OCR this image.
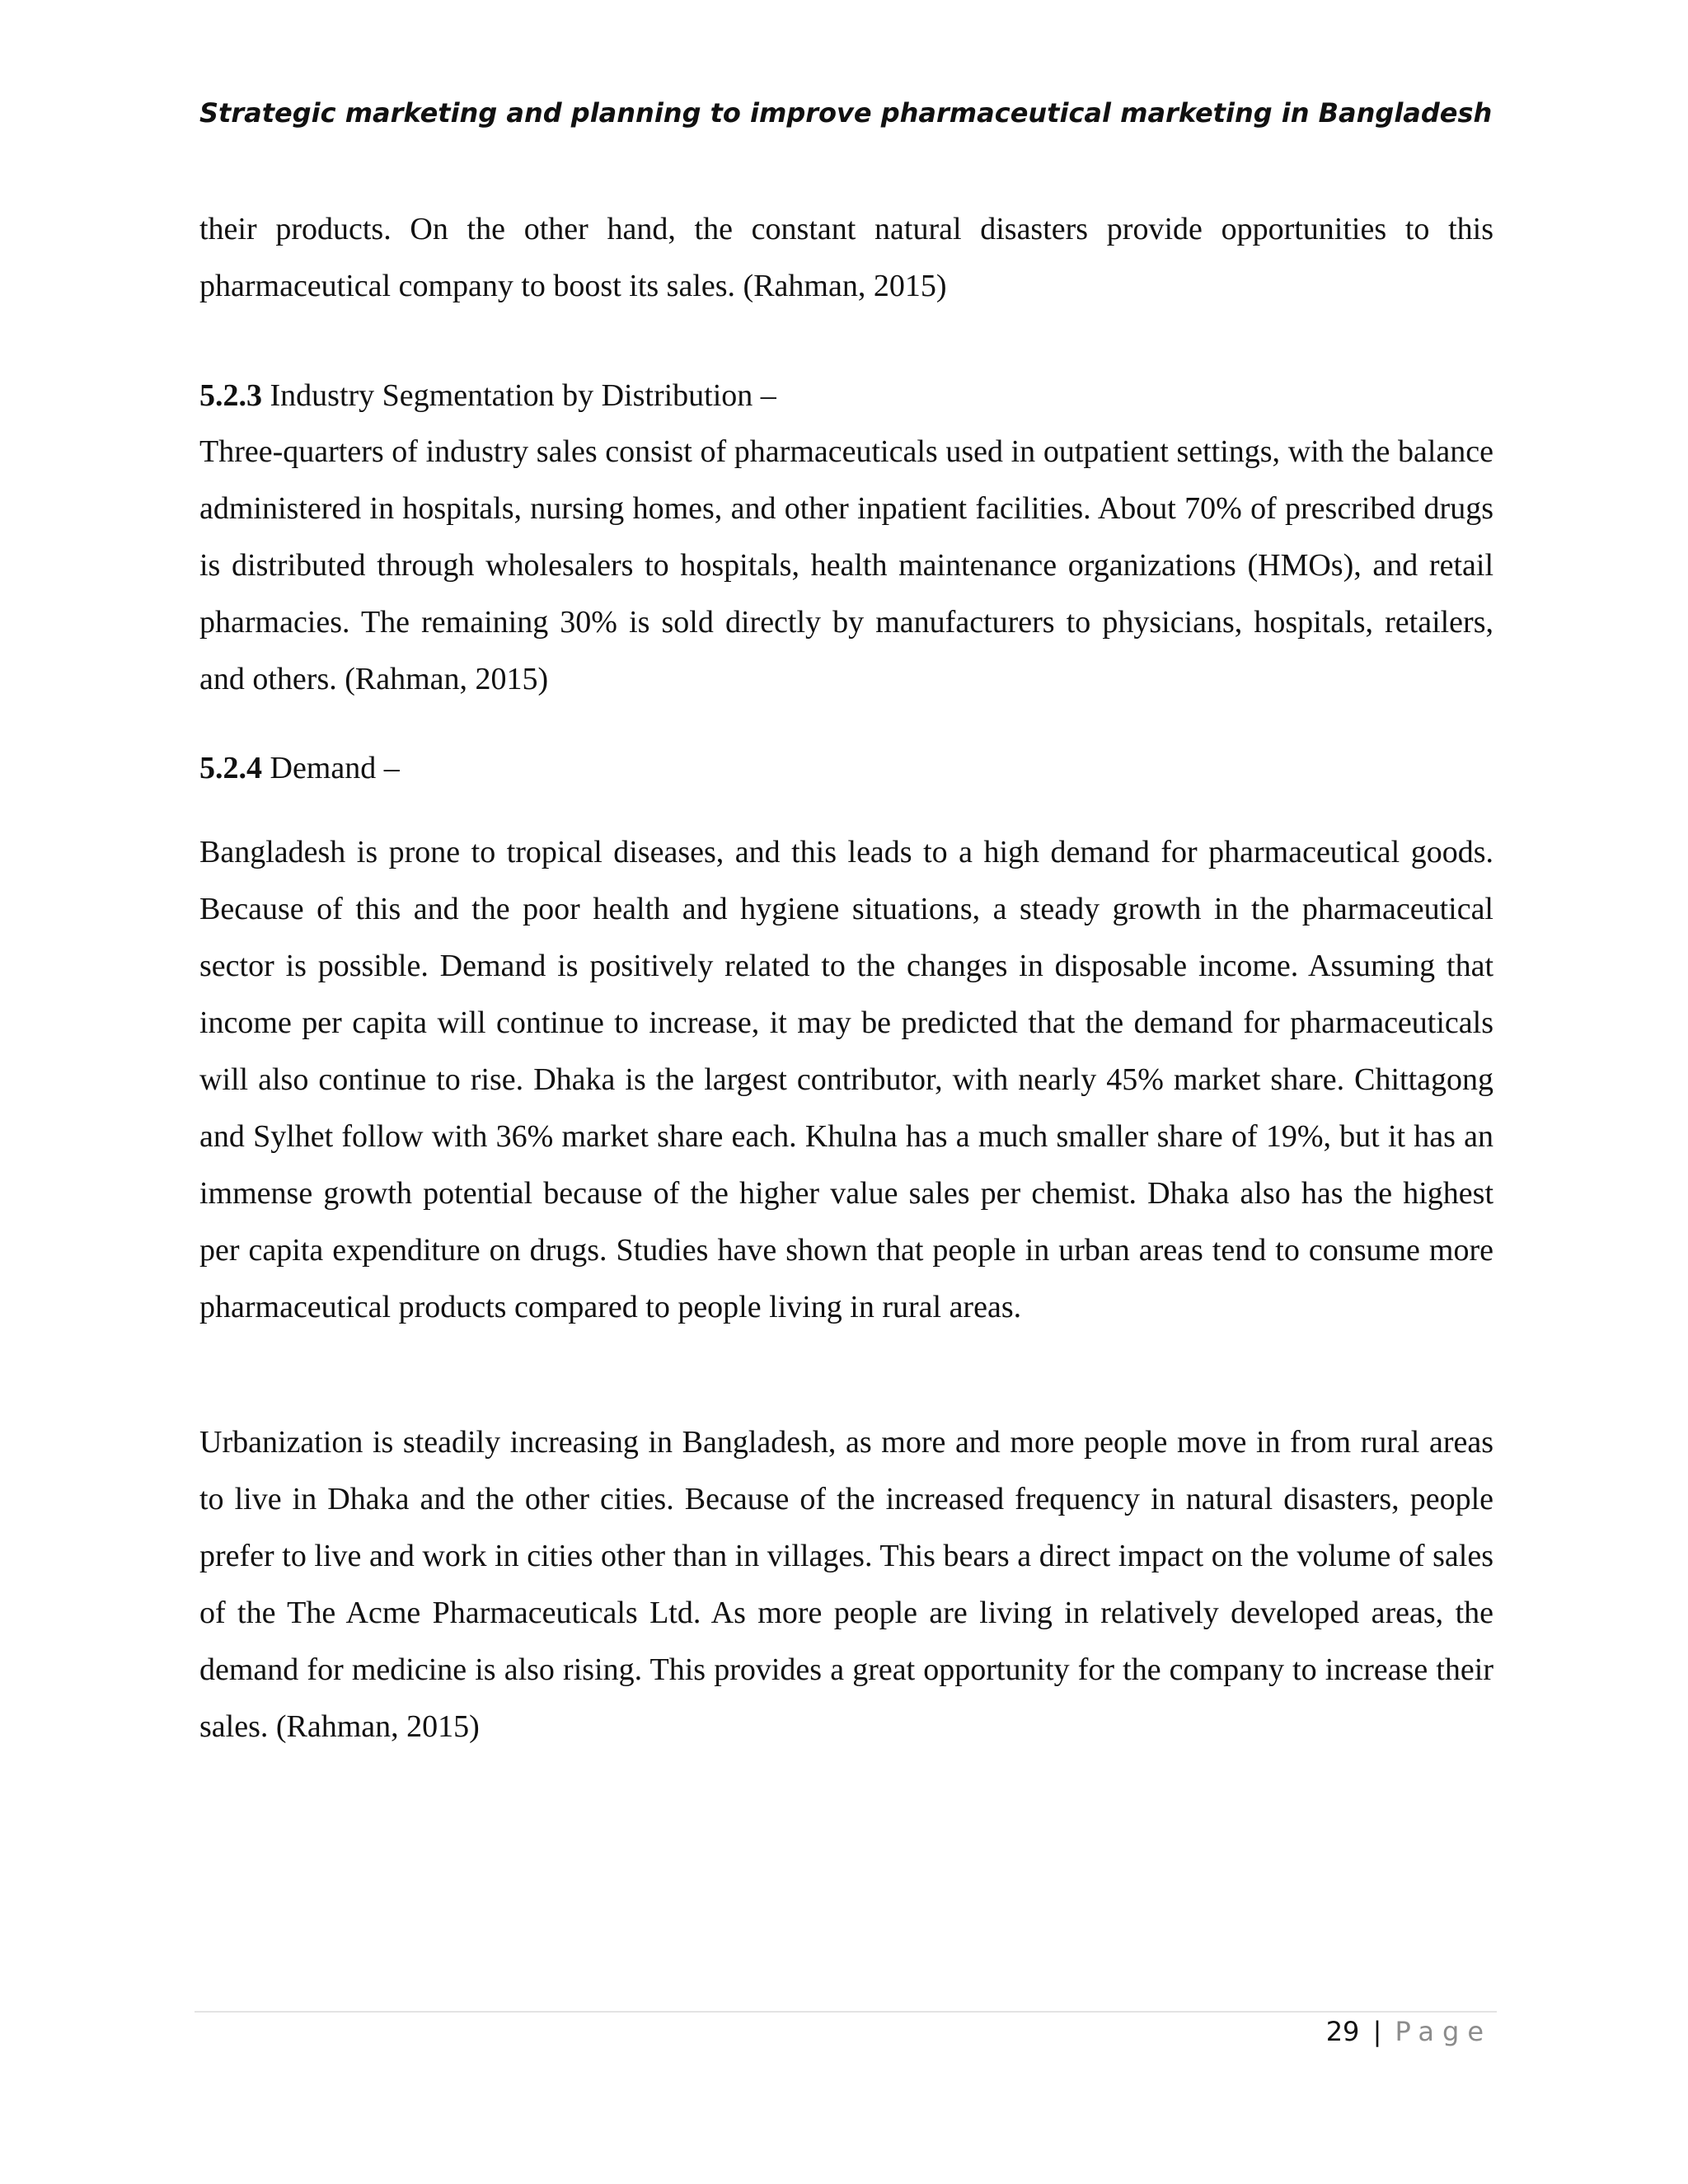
Strategic marketing and planning to improve pharmaceutical marketing in Bangladesh

their products. On the other hand, the constant natural disasters provide opportunities to this pharmaceutical company to boost its sales. (Rahman, 2015)

5.2.3 Industry Segmentation by Distribution –

Three-quarters of industry sales consist of pharmaceuticals used in outpatient settings, with the balance administered in hospitals, nursing homes, and other inpatient facilities. About 70% of prescribed drugs is distributed through wholesalers to hospitals, health maintenance organizations (HMOs), and retail pharmacies. The remaining 30% is sold directly by manufacturers to physicians, hospitals, retailers, and others. (Rahman, 2015)

5.2.4 Demand –

Bangladesh is prone to tropical diseases, and this leads to a high demand for pharmaceutical goods. Because of this and the poor health and hygiene situations, a steady growth in the pharmaceutical sector is possible. Demand is positively related to the changes in disposable income. Assuming that income per capita will continue to increase, it may be predicted that the demand for pharmaceuticals will also continue to rise. Dhaka is the largest contributor, with nearly 45% market share. Chittagong and Sylhet follow with 36% market share each. Khulna has a much smaller share of 19%, but it has an immense growth potential because of the higher value sales per chemist. Dhaka also has the highest per capita expenditure on drugs. Studies have shown that people in urban areas tend to consume more pharmaceutical products compared to people living in rural areas.

Urbanization is steadily increasing in Bangladesh, as more and more people move in from rural areas to live in Dhaka and the other cities. Because of the increased frequency in natural disasters, people prefer to live and work in cities other than in villages. This bears a direct impact on the volume of sales of the The Acme Pharmaceuticals Ltd. As more people are living in relatively developed areas, the demand for medicine is also rising. This provides a great opportunity for the company to increase their sales. (Rahman, 2015)

29 | Page
